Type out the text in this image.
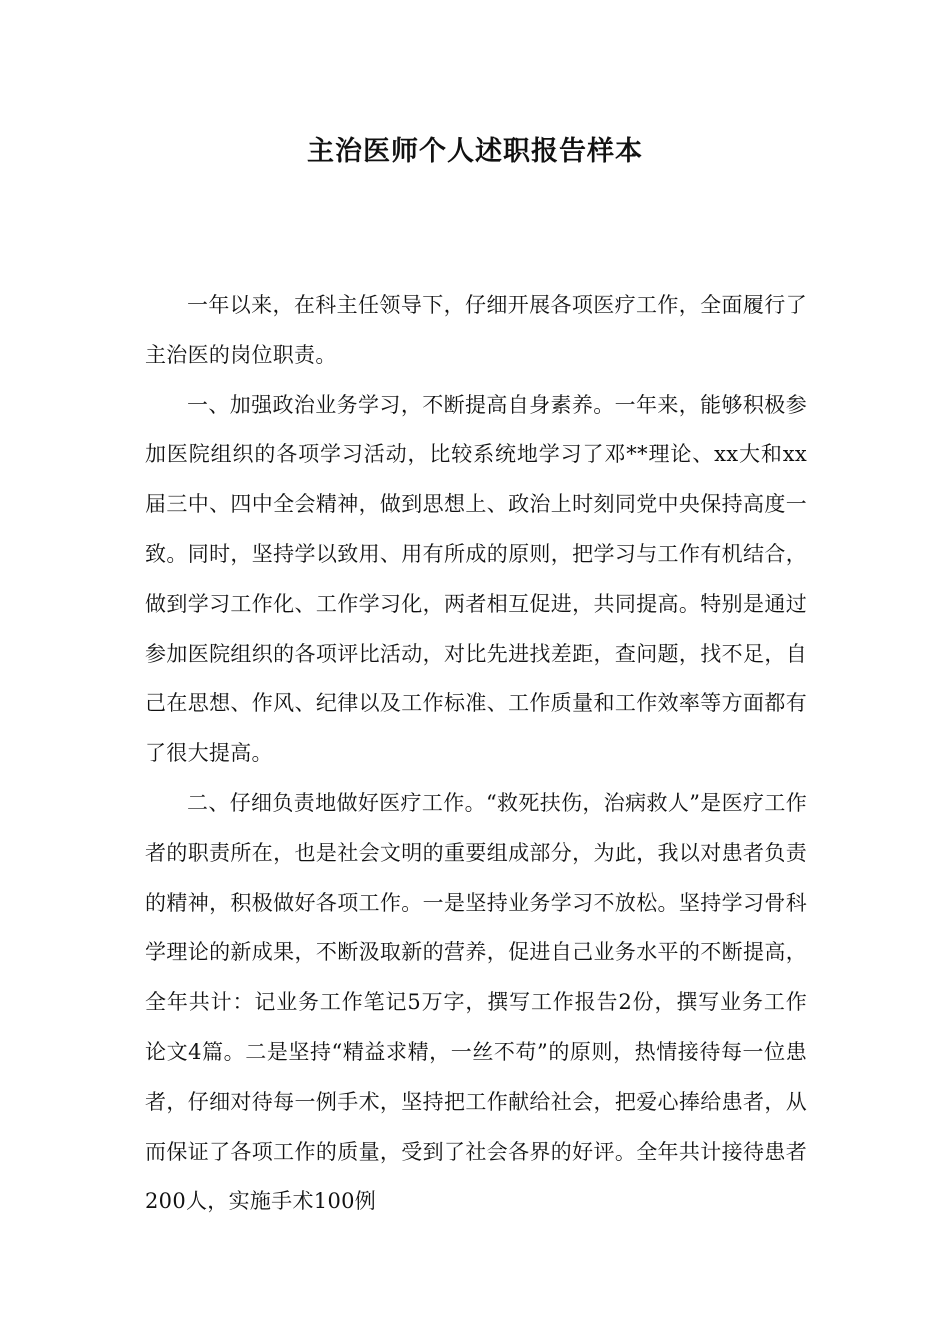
主治医师个人述职报告样本

一年以来，在科主任领导下，仔细开展各项医疗工作，全面履行了主治医的岗位职责。

一、加强政治业务学习，不断提高自身素养。一年来，能够积极参加医院组织的各项学习活动，比较系统地学习了邓**理论、xx大和xx届三中、四中全会精神，做到思想上、政治上时刻同党中央保持高度一致。同时，坚持学以致用、用有所成的原则，把学习与工作有机结合，做到学习工作化、工作学习化，两者相互促进，共同提高。特别是通过参加医院组织的各项评比活动，对比先进找差距，查问题，找不足，自己在思想、作风、纪律以及工作标准、工作质量和工作效率等方面都有了很大提高。

二、仔细负责地做好医疗工作。“救死扶伤，治病救人”是医疗工作者的职责所在，也是社会文明的重要组成部分，为此，我以对患者负责的精神，积极做好各项工作。一是坚持业务学习不放松。坚持学习骨科学理论的新成果，不断汲取新的营养，促进自己业务水平的不断提高，全年共计：记业务工作笔记5万字，撰写工作报告2份，撰写业务工作论文4篇。二是坚持“精益求精，一丝不苟”的原则，热情接待每一位患者，仔细对待每一例手术，坚持把工作献给社会，把爱心捧给患者，从而保证了各项工作的质量，受到了社会各界的好评。全年共计接待患者200人，实施手术100例
